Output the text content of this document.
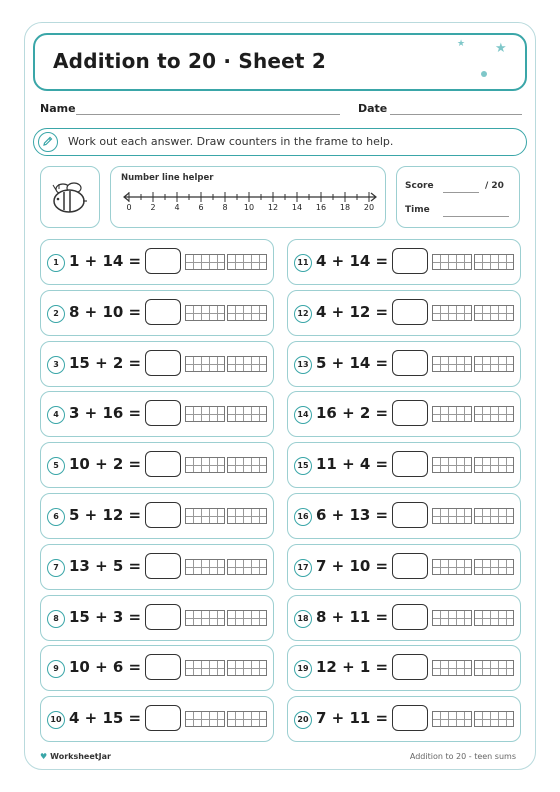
Addition to 20 · Sheet 2
★ ★
Name	Date
Work out each answer. Draw counters in the frame to help.
Number line helper
0	2	4	6	8	10	12	14	16	18	20
Score	/ 20
Time
1 1 + 14 =
2 8 + 10 =
3 15 + 2 =
4 3 + 16 =
5 10 + 2 =
6 5 + 12 =
7 13 + 5 =
8 15 + 3 =
9 10 + 6 =
10 4 + 15 =
11 4 + 14 =
12 4 + 12 =
13 5 + 14 =
14 16 + 2 =
15 11 + 4 =
16 6 + 13 =
17 7 + 10 =
18 8 + 11 =
19 12 + 1 =
20 7 + 11 =
♥ WorksheetJar	Addition to 20 - teen sums
